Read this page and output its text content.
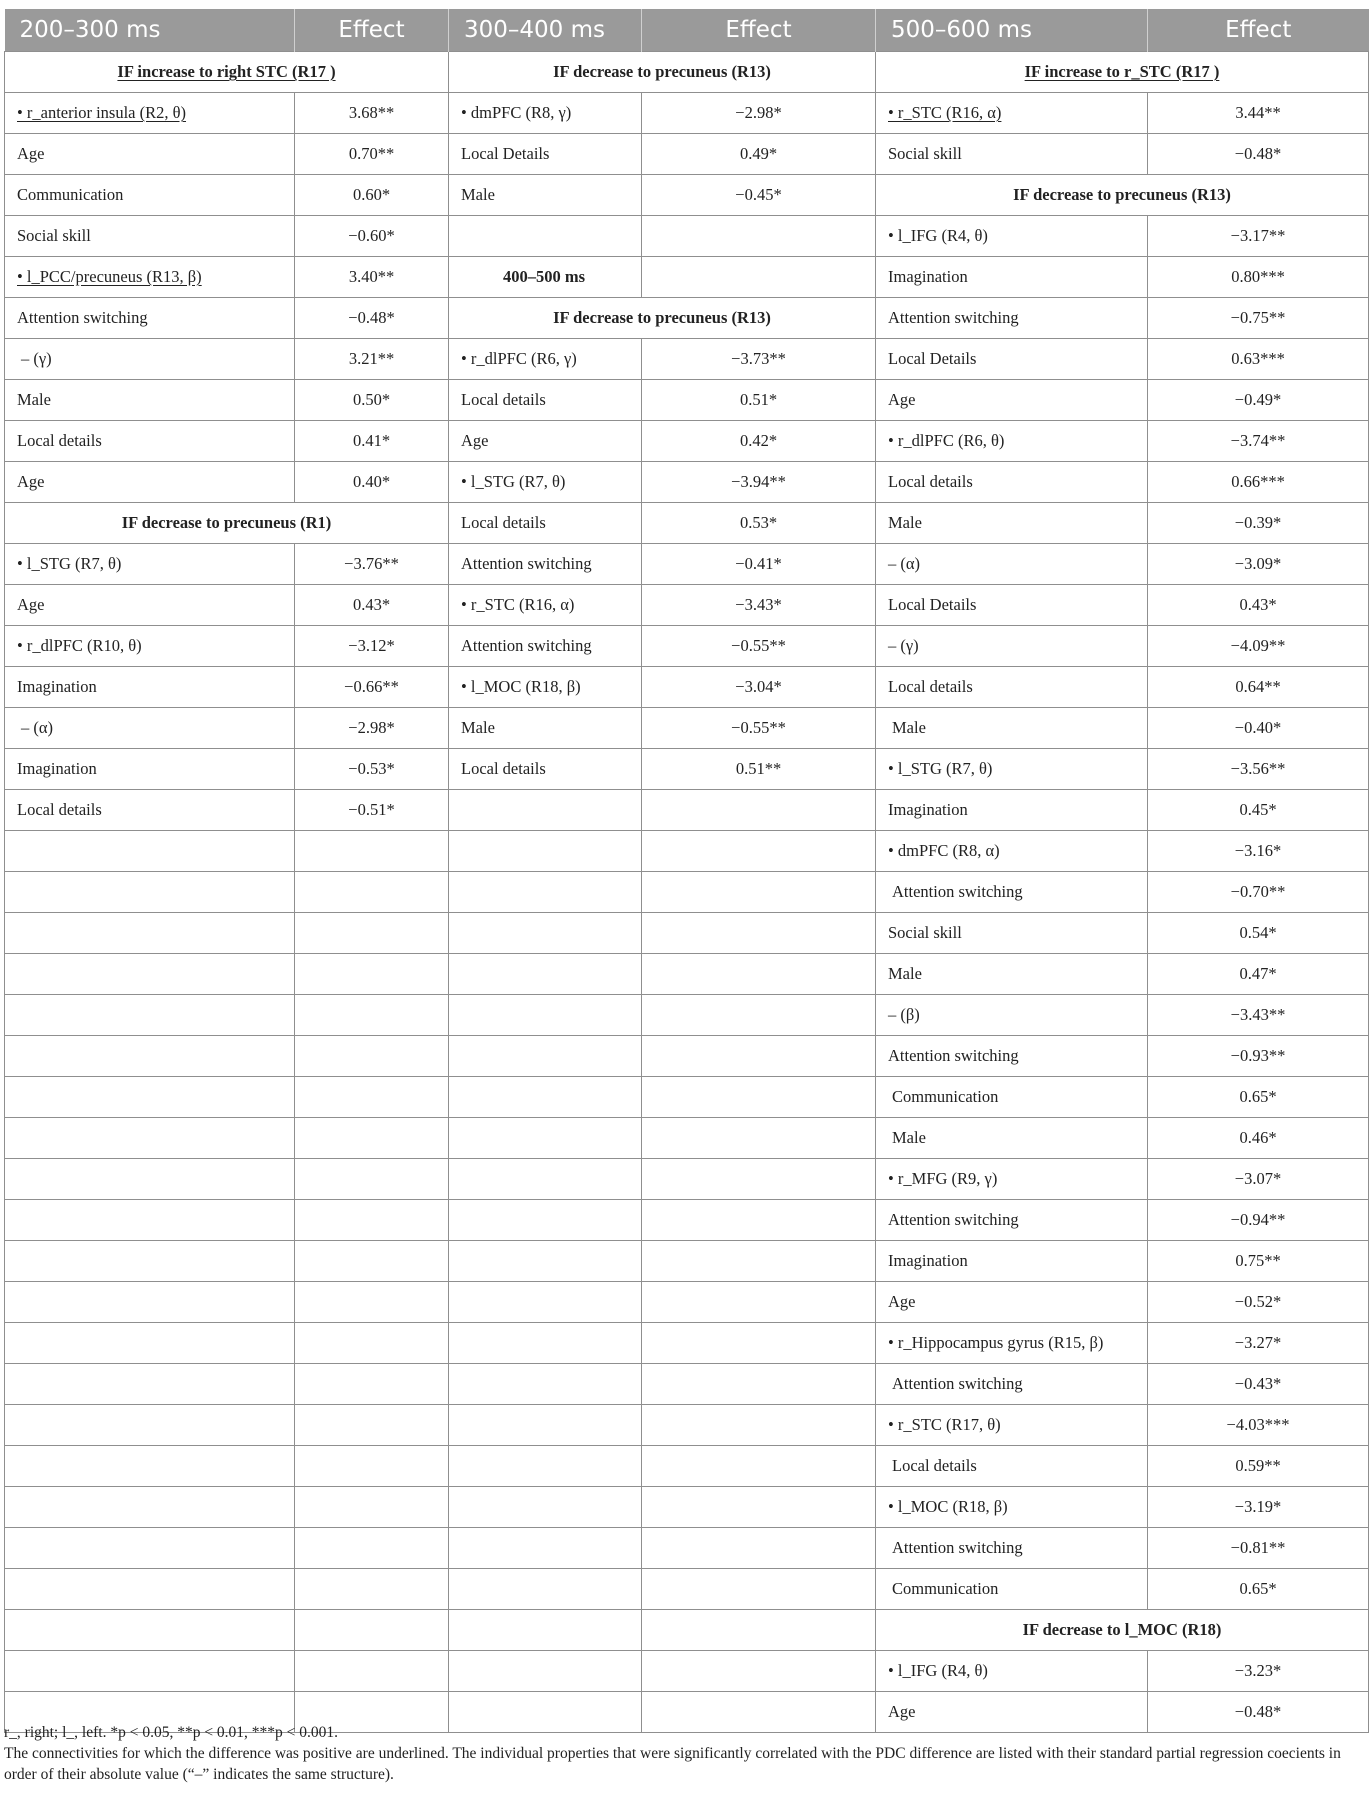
200–300 ms	Effect	300–400 ms	Effect	500–600 ms	Effect
IF increase to right STC (R17 )		IF decrease to precuneus (R13)		IF increase to r_STC (R17 )	
• r_anterior insula (R2, θ)	3.68**	• dmPFC (R8, γ)	−2.98*	• r_STC (R16, α)	3.44**
Age	0.70**	Local Details	0.49*	Social skill	−0.48*
Communication	0.60*	Male	−0.45*	IF decrease to precuneus (R13)	
Social skill	−0.60*			• l_IFG (R4, θ)	−3.17**
• l_PCC/precuneus (R13, β)	3.40**	400–500 ms		Imagination	0.80***
Attention switching	−0.48*	IF decrease to precuneus (R13)		Attention switching	−0.75**
– (γ)	3.21**	• r_dlPFC (R6, γ)	−3.73**	Local Details	0.63***
Male	0.50*	Local details	0.51*	Age	−0.49*
Local details	0.41*	Age	0.42*	• r_dlPFC (R6, θ)	−3.74**
Age	0.40*	• l_STG (R7, θ)	−3.94**	Local details	0.66***
IF decrease to precuneus (R1)		Local details	0.53*	Male	−0.39*
• l_STG (R7, θ)	−3.76**	Attention switching	−0.41*	– (α)	−3.09*
Age	0.43*	• r_STC (R16, α)	−3.43*	Local Details	0.43*
• r_dlPFC (R10, θ)	−3.12*	Attention switching	−0.55**	– (γ)	−4.09**
Imagination	−0.66**	• l_MOC (R18, β)	−3.04*	Local details	0.64**
– (α)	−2.98*	Male	−0.55**	Male	−0.40*
Imagination	−0.53*	Local details	0.51**	• l_STG (R7, θ)	−3.56**
Local details	−0.51*			Imagination	0.45*
				• dmPFC (R8, α)	−3.16*
				Attention switching	−0.70**
				Social skill	0.54*
				Male	0.47*
				– (β)	−3.43**
				Attention switching	−0.93**
				Communication	0.65*
				Male	0.46*
				• r_MFG (R9, γ)	−3.07*
				Attention switching	−0.94**
				Imagination	0.75**
				Age	−0.52*
				• r_Hippocampus gyrus (R15, β)	−3.27*
				Attention switching	−0.43*
				• r_STC (R17, θ)	−4.03***
				Local details	0.59**
				• l_MOC (R18, β)	−3.19*
				Attention switching	−0.81**
				Communication	0.65*
				IF decrease to l_MOC (R18)	
				• l_IFG (R4, θ)	−3.23*
				Age	−0.48*

r_, right; l_, left. *p < 0.05, **p < 0.01, ***p < 0.001.

The connectivities for which the difference was positive are underlined. The individual properties that were significantly correlated with the PDC difference are listed with their standard partial regression coecients in order of their absolute value (“–” indicates the same structure).
